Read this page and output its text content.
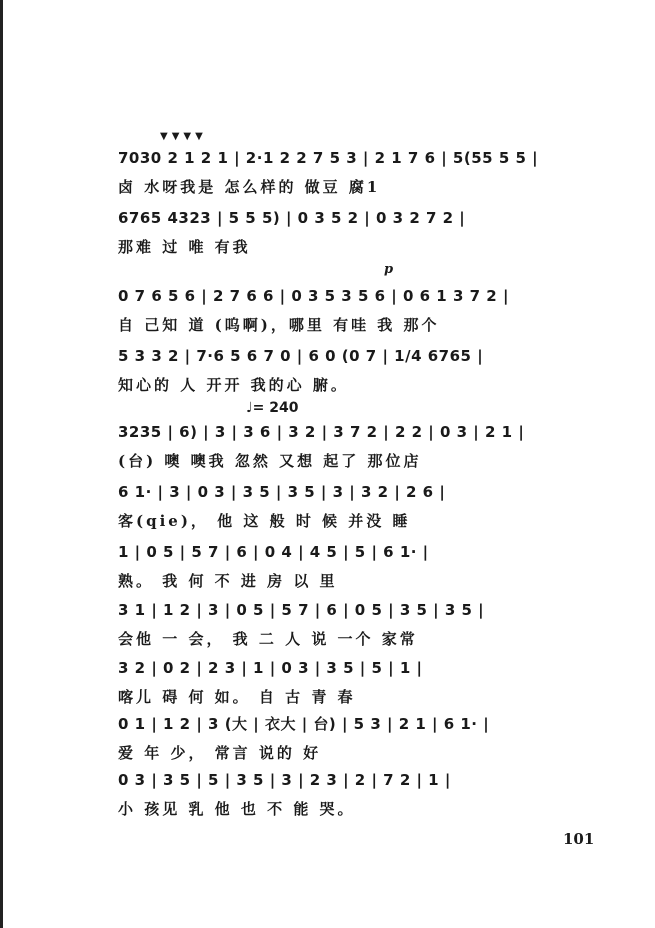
▼▼▼▼
p
♩= 240
7030 2 1 2 1 | 2·1 2 2 7 5 3 | 2 1 7 6 | 5(55 5 5 |
卤 水呀我是 怎么样的 做豆 腐1
6765 4323 | 5 5 5) | 0 3 5 2 | 0 3 2 7 2 |
那难 过 唯 有我
0 7 6 5 6 | 2 7 6 6 | 0 3 5 3 5 6 | 0 6 1 3 7 2 |
自 己知 道 (呜啊)，哪里 有哇 我 那个
5 3 3 2 | 7·6 5 6 7 0 | 6 0 (0 7 | 1/4 6765 |
知心的 人 开开 我的心 腑。
3235 | 6) | 3 | 3 6 | 3 2 | 3 7 2 | 2 2 | 0 3 | 2 1 |
(台) 噢 噢我 忽然 又想 起了 那位店
6 1· | 3 | 0 3 | 3 5 | 3 5 | 3 | 3 2 | 2 6 |
客(qie)， 他 这 般 时 候 并没 睡
1 | 0 5 | 5 7 | 6 | 0 4 | 4 5 | 5 | 6 1· |
熟。 我 何 不 进 房 以 里
3 1 | 1 2 | 3 | 0 5 | 5 7 | 6 | 0 5 | 3 5 | 3 5 |
会他 一 会， 我 二 人 说 一个 家常
3 2 | 0 2 | 2 3 | 1 | 0 3 | 3 5 | 5 | 1 |
喀儿 碍 何 如。 自 古 青 春
0 1 | 1 2 | 3 (大 | 衣大 | 台) | 5 3 | 2 1 | 6 1· |
爱 年 少， 常言 说的 好
0 3 | 3 5 | 5 | 3 5 | 3 | 2 3 | 2 | 7 2 | 1 |
小 孩见 乳 他 也 不 能 哭。
101
